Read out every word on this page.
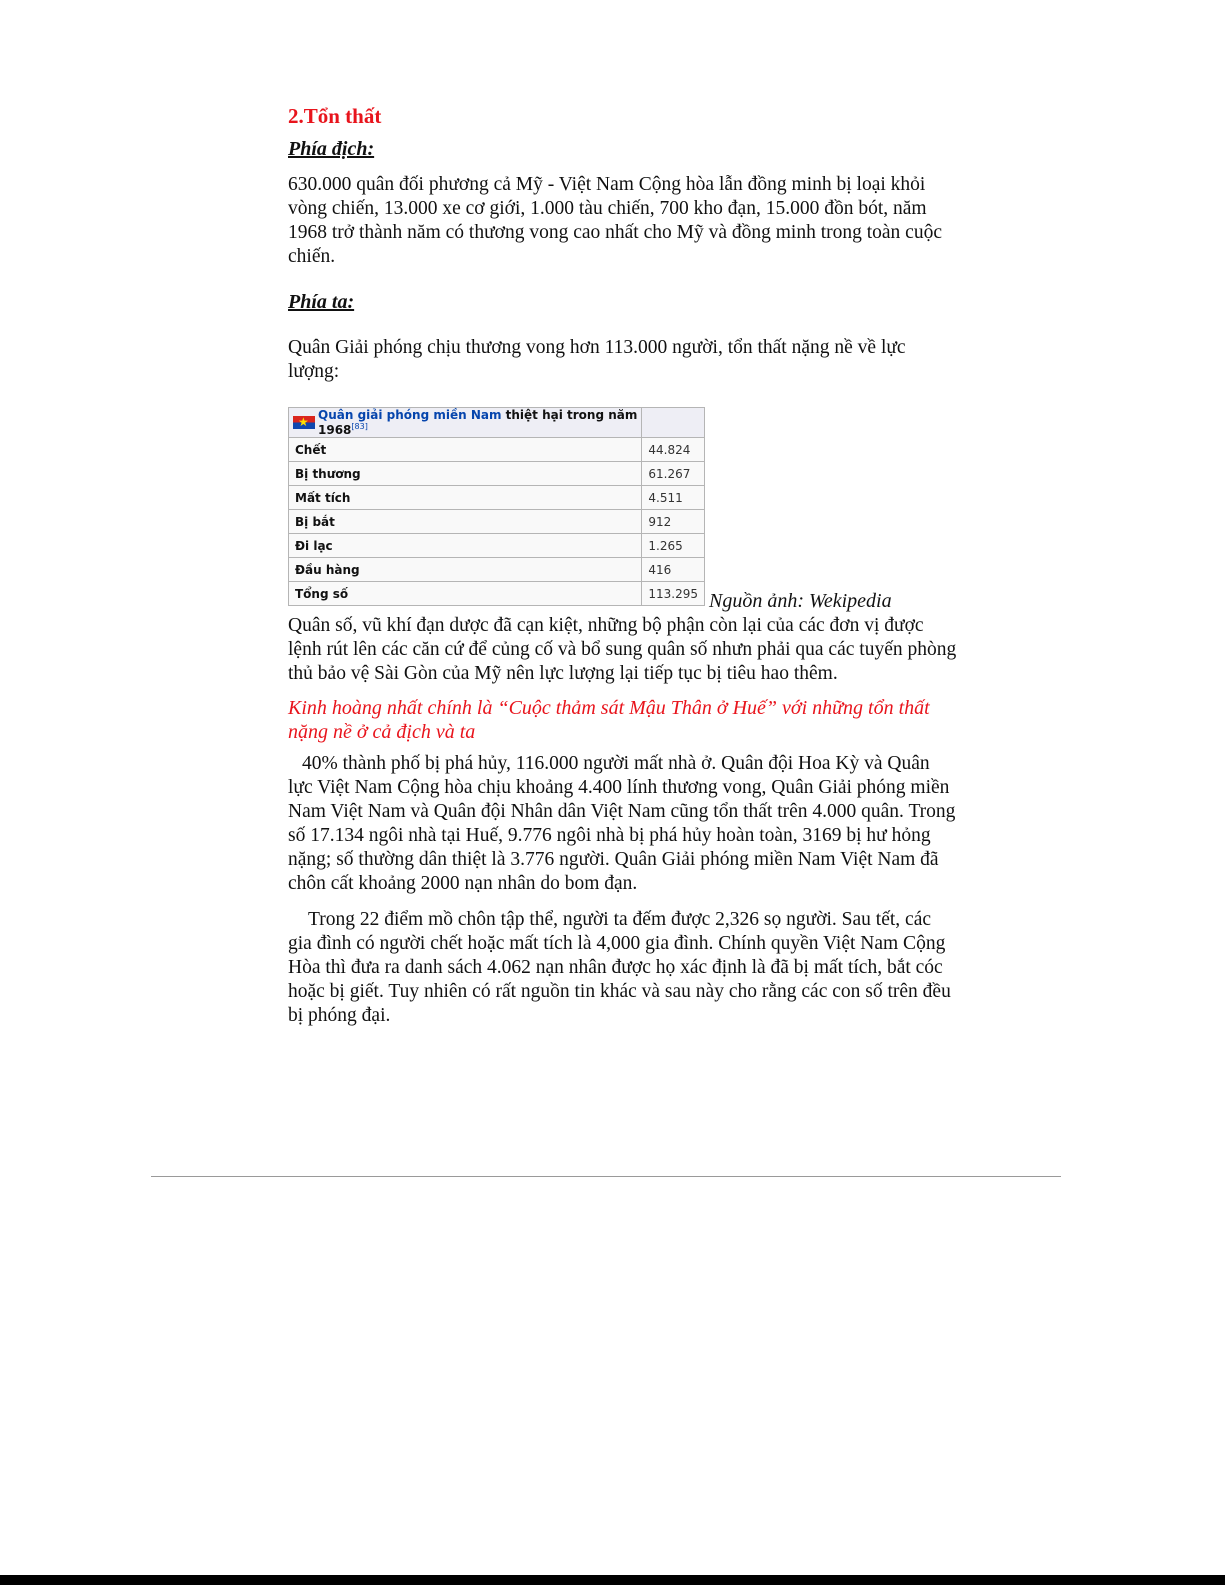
2.Tổn thất
Phía địch:

630.000 quân đối phương cả Mỹ - Việt Nam Cộng hòa lẫn đồng minh bị loại khỏi vòng chiến, 13.000 xe cơ giới, 1.000 tàu chiến, 700 kho đạn, 15.000 đồn bót, năm 1968 trở thành năm có thương vong cao nhất cho Mỹ và đồng minh trong toàn cuộc chiến.

Phía ta:

Quân Giải phóng chịu thương vong hơn 113.000 người, tổn thất nặng nề về lực lượng:

★ Quân giải phóng miền Nam thiệt hại trong năm 1968[83]

Chết	44.824
Bị thương	61.267
Mất tích	4.511
Bị bắt	912
Đi lạc	1.265
Đầu hàng	416
Tổng số	113.295 Nguồn ảnh: Wekipedia

Quân số, vũ khí đạn dược đã cạn kiệt, những bộ phận còn lại của các đơn vị được lệnh rút lên các căn cứ để củng cố và bổ sung quân số nhưn phải qua các tuyến phòng thủ bảo vệ Sài Gòn của Mỹ nên lực lượng lại tiếp tục bị tiêu hao thêm.

Kinh hoàng nhất chính là “Cuộc thảm sát Mậu Thân ở Huế” với những tổn thất nặng nề ở cả địch và ta

40% thành phố bị phá hủy, 116.000 người mất nhà ở. Quân đội Hoa Kỳ và Quân lực Việt Nam Cộng hòa chịu khoảng 4.400 lính thương vong, Quân Giải phóng miền Nam Việt Nam và Quân đội Nhân dân Việt Nam cũng tổn thất trên 4.000 quân. Trong số 17.134 ngôi nhà tại Huế, 9.776 ngôi nhà bị phá hủy hoàn toàn, 3169 bị hư hỏng nặng; số thường dân thiệt là 3.776 người. Quân Giải phóng miền Nam Việt Nam đã chôn cất khoảng 2000 nạn nhân do bom đạn.

Trong 22 điểm mồ chôn tập thể, người ta đếm được 2,326 sọ người. Sau tết, các gia đình có người chết hoặc mất tích là 4,000 gia đình. Chính quyền Việt Nam Cộng Hòa thì đưa ra danh sách 4.062 nạn nhân được họ xác định là đã bị mất tích, bắt cóc hoặc bị giết. Tuy nhiên có rất nguồn tin khác và sau này cho rằng các con số trên đều bị phóng đại.
